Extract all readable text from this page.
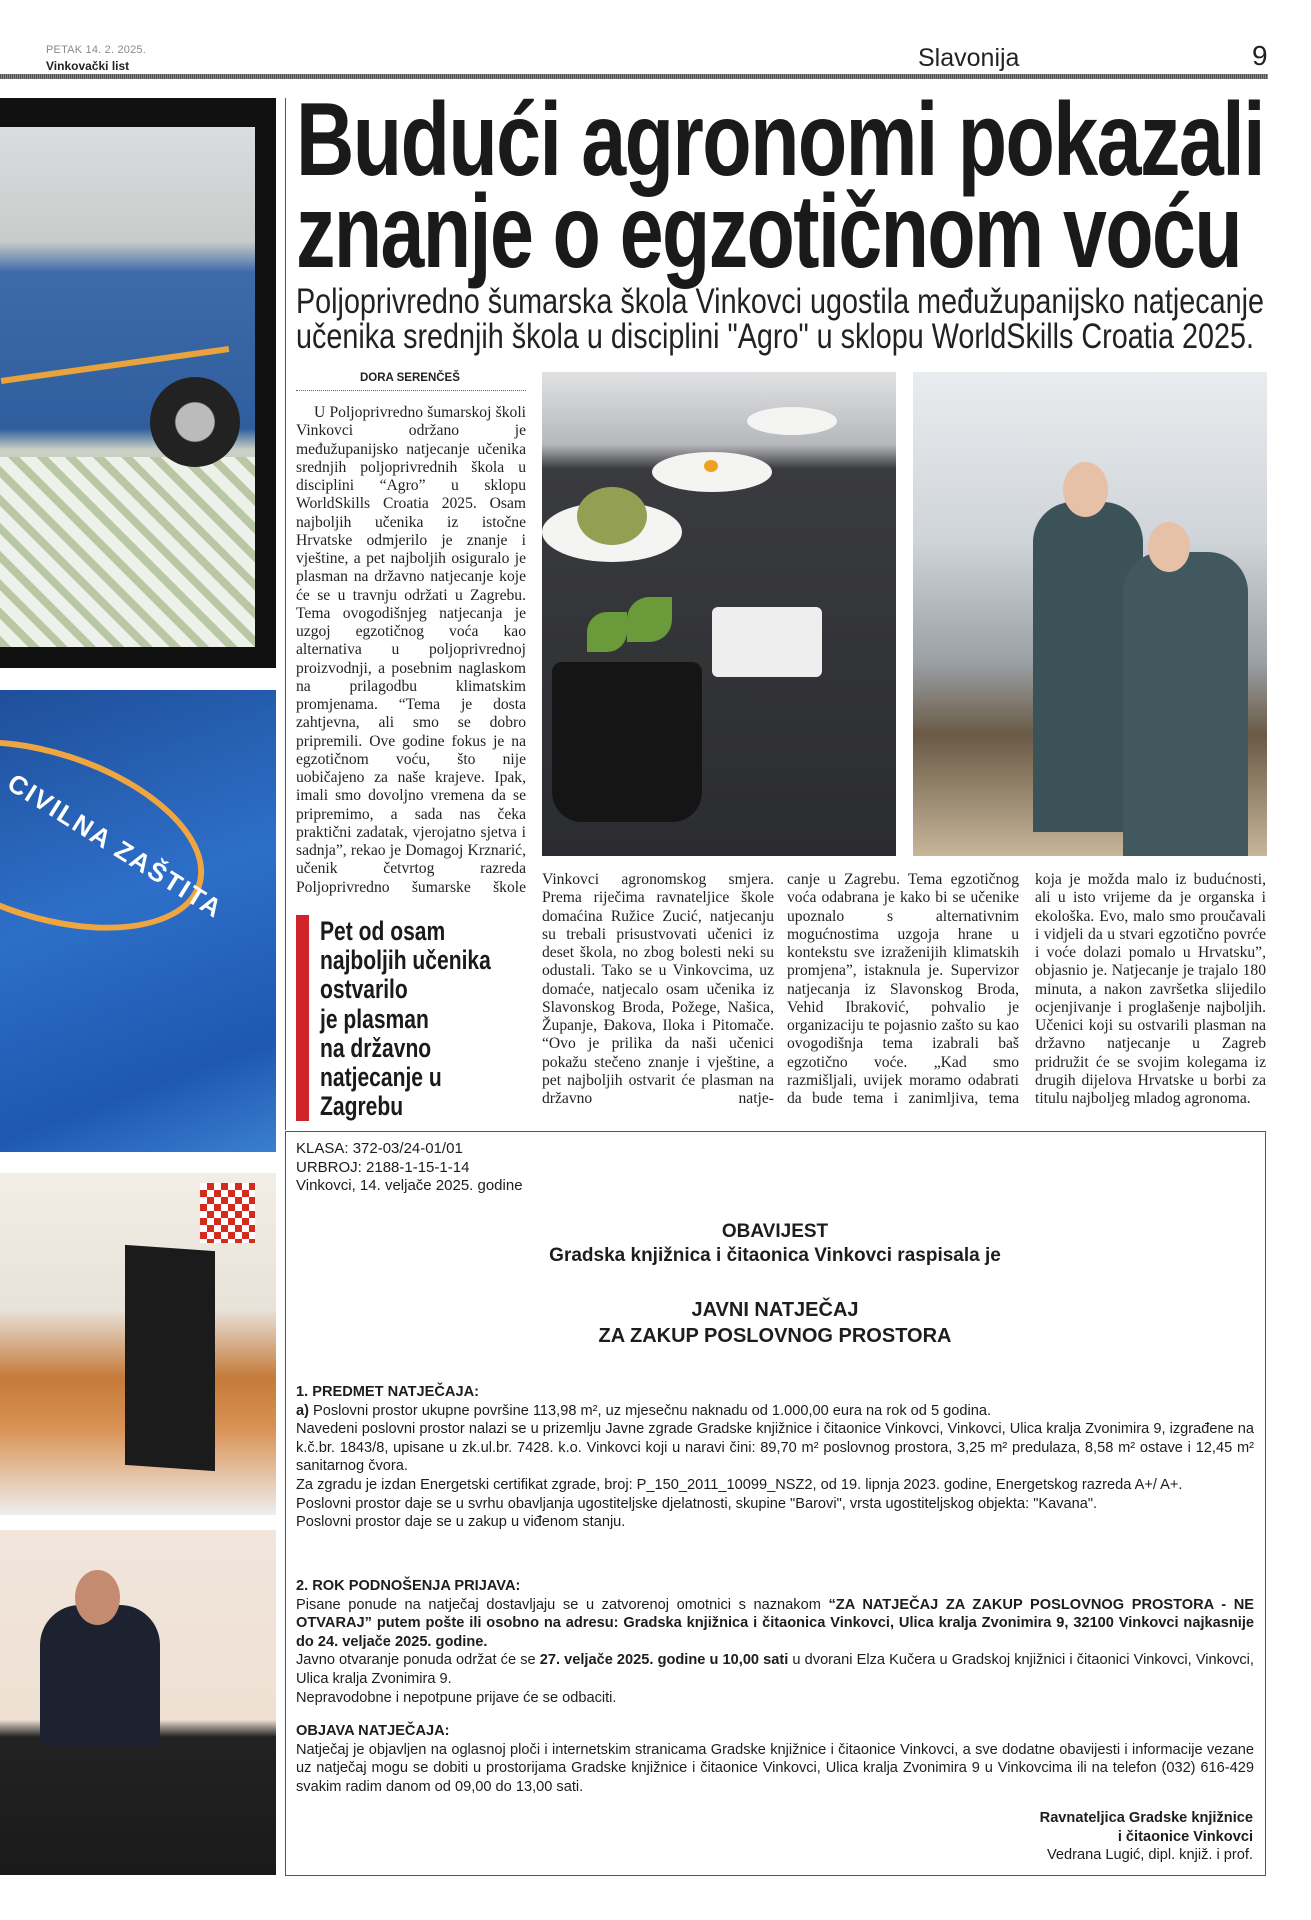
PETAK 14. 2. 2025.
Vinkovački list	Slavonija	9
CIVILNA ZAŠTITA
Budući agronomi pokazali
znanje o egzotičnom voću
Poljoprivredno šumarska škola Vinkovci ugostila međužupanijsko natjecanje
učenika srednjih škola u disciplini "Agro" u sklopu WorldSkills Croatia 2025.
DORA SERENČEŠ
U Poljoprivredno šumarskoj školi Vinkovci održano je međužupanijsko natjecanje učenika srednjih poljoprivrednih škola u disciplini “Agro” u sklopu WorldSkills Croatia 2025. Osam najboljih učenika iz istočne Hrvatske odmjerilo je znanje i vještine, a pet najboljih osiguralo je plasman na državno natjecanje koje će se u travnju održati u Zagrebu. Tema ovogodišnjeg natjecanja je uzgoj egzotičnog voća kao alternativa u poljoprivrednoj proizvodnji, a posebnim naglaskom na prilagodbu klimatskim promjenama. “Tema je dosta zahtjevna, ali smo se dobro pripremili. Ove godine fokus je na egzotičnom voću, što nije uobičajeno za naše krajeve. Ipak, imali smo dovoljno vremena da se pripremimo, a sada nas čeka praktični zadatak, vjerojatno sjetva i sadnja”, rekao je Domagoj Krznarić, učenik četvrtog razreda Poljoprivredno šumarske škole Vinkovci agronomskog smjera. Prema riječima ravnateljice škole domaćina Ružice Zucić, natjecanju su trebali prisustvovati učenici iz deset škola, no zbog bolesti neki su odustali. Tako se u Vinkovcima, uz domaće, natjecalo osam učenika iz Slavonskog Broda, Požege, Našica, Županje, Đakova, Iloka i Pitomače. “Ovo je prilika da naši učenici pokažu stečeno znanje i vještine, a pet najboljih ostvarit će plasman na državno natje-
canje u Zagrebu. Tema egzotičnog voća odabrana je kako bi se učenike upoznalo s alternativnim mogućnostima uzgoja hrane u kontekstu sve izraženijih klimatskih promjena”, istaknula je. Supervizor natjecanja iz Slavonskog Broda, Vehid Ibraković, pohvalio je organizaciju te pojasnio zašto su kao ovogodišnja tema izabrali baš egzotično voće. „Kad smo razmišljali, uvijek moramo odabrati da bude tema i zanimljiva, tema
koja je možda malo iz budućnosti, ali u isto vrijeme da je organska i ekološka. Evo, malo smo proučavali i vidjeli da u stvari egzotično povrće i voće dolazi pomalo u Hrvatsku”, objasnio je. Natjecanje je trajalo 180 minuta, a nakon završetka slijedilo ocjenjivanje i proglašenje najboljih. Učenici koji su ostvarili plasman na državno natjecanje u Zagreb pridružit će se svojim kolegama iz drugih dijelova Hrvatske u borbi za titulu najboljeg mladog agronoma.
Pet od osam
najboljih učenika
ostvarilo
je plasman
na državno
natjecanje u
Zagrebu
KLASA: 372-03/24-01/01
URBROJ: 2188-1-15-1-14
Vinkovci, 14. veljače 2025. godine
OBAVIJEST
Gradska knjižnica i čitaonica Vinkovci raspisala je
JAVNI NATJEČAJ
ZA ZAKUP POSLOVNOG PROSTORA
1. PREDMET NATJEČAJA:
a) Poslovni prostor ukupne površine 113,98 m², uz mjesečnu naknadu od 1.000,00 eura na rok od 5 godina.
Navedeni poslovni prostor nalazi se u prizemlju Javne zgrade Gradske knjižnice i čitaonice Vinkovci, Vinkovci, Ulica kralja Zvonimira 9, izgrađene na k.č.br. 1843/8, upisane u zk.ul.br. 7428. k.o. Vinkovci koji u naravi čini: 89,70 m² poslovnog prostora, 3,25 m² predulaza, 8,58 m² ostave i 12,45 m² sanitarnog čvora.
Za zgradu je izdan Energetski certifikat zgrade, broj: P_150_2011_10099_NSZ2, od 19. lipnja 2023. godine, Energetskog razreda A+/ A+.
Poslovni prostor daje se u svrhu obavljanja ugostiteljske djelatnosti, skupine "Barovi", vrsta ugostiteljskog objekta: "Kavana".
Poslovni prostor daje se u zakup u viđenom stanju.
2. ROK PODNOŠENJA PRIJAVA:
Pisane ponude na natječaj dostavljaju se u zatvorenoj omotnici s naznakom “ZA NATJEČAJ ZA ZAKUP POSLOVNOG PROSTORA - NE OTVARAJ” putem pošte ili osobno na adresu: Gradska knjižnica i čitaonica Vinkovci, Ulica kralja Zvonimira 9, 32100 Vinkovci najkasnije do 24. veljače 2025. godine.
Javno otvaranje ponuda održat će se 27. veljače 2025. godine u 10,00 sati u dvorani Elza Kučera u Gradskoj knjižnici i čitaonici Vinkovci, Vinkovci, Ulica kralja Zvonimira 9.
Nepravodobne i nepotpune prijave će se odbaciti.
OBJAVA NATJEČAJA:
Natječaj je objavljen na oglasnoj ploči i internetskim stranicama Gradske knjižnice i čitaonice Vinkovci, a sve dodatne obavijesti i informacije vezane uz natječaj mogu se dobiti u prostorijama Gradske knjižnice i čitaonice Vinkovci, Ulica kralja Zvonimira 9 u Vinkovcima ili na telefon (032) 616-429 svakim radim danom od 09,00 do 13,00 sati.
Ravnateljica Gradske knjižnice
i čitaonice Vinkovci
Vedrana Lugić, dipl. knjiž. i prof.
